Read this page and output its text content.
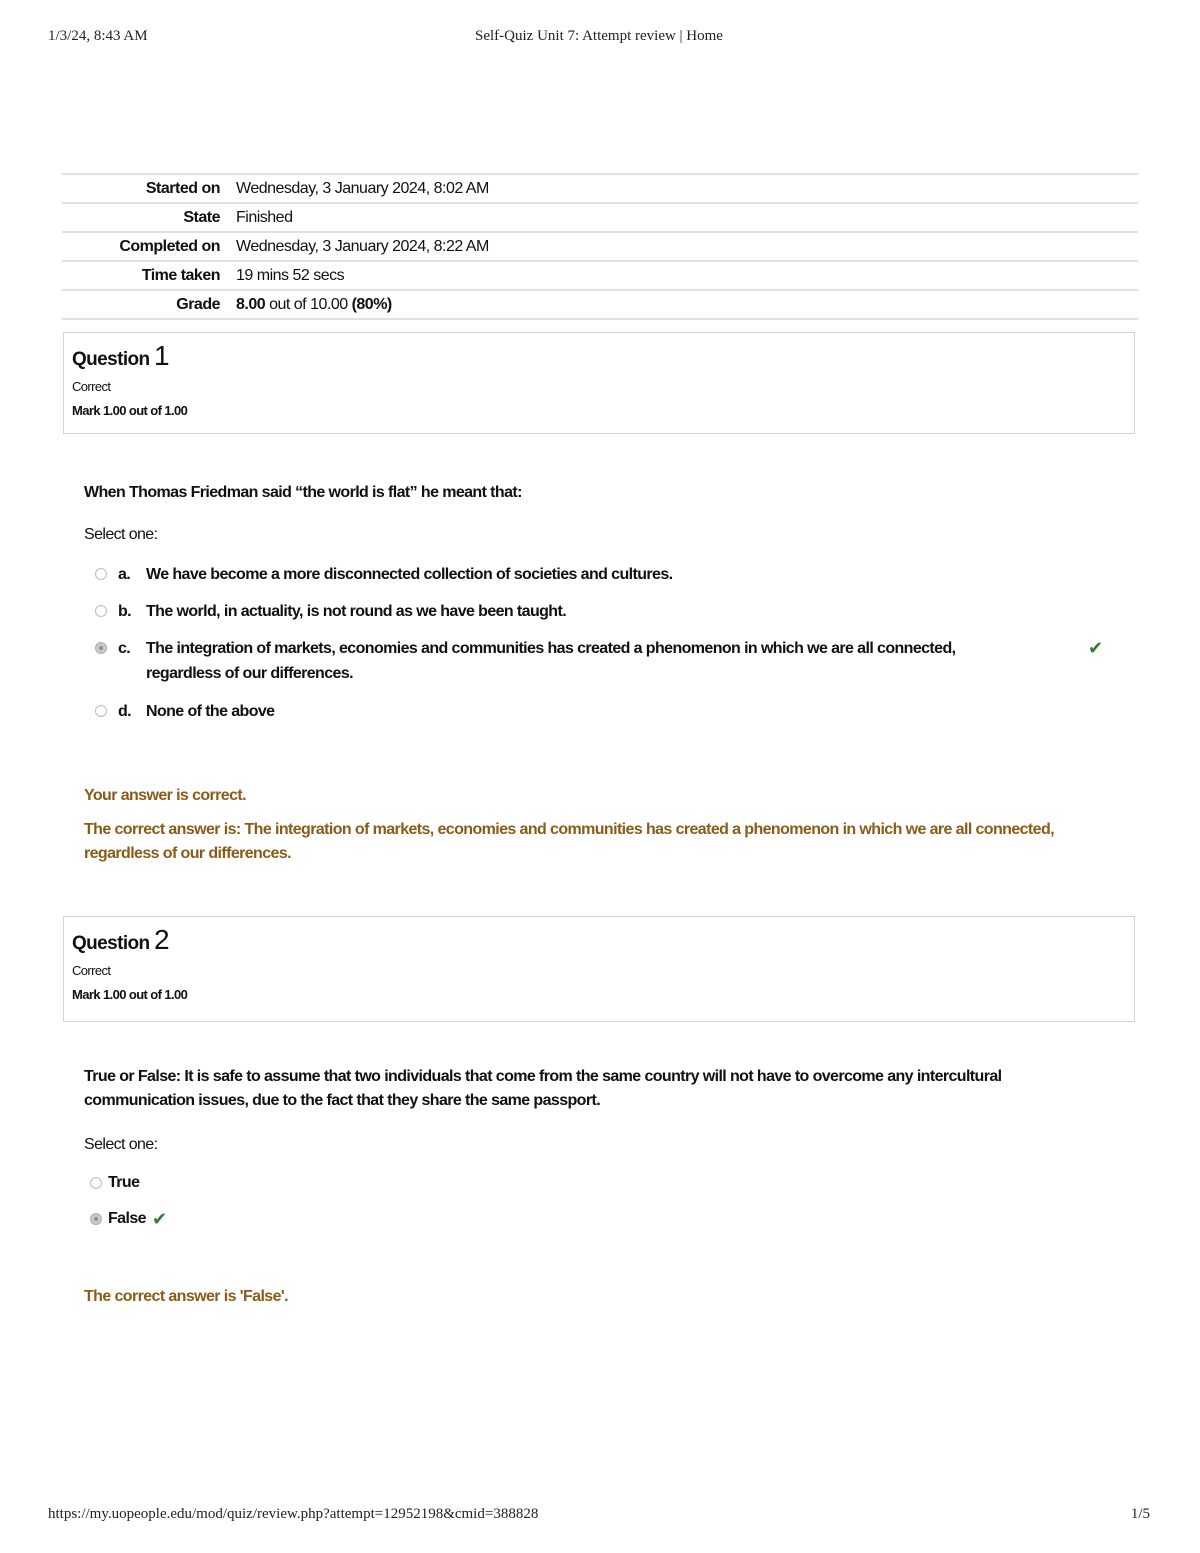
1/3/24, 8:43 AM	Self-Quiz Unit 7: Attempt review | Home
Started on	Wednesday, 3 January 2024, 8:02 AM
State	Finished
Completed on	Wednesday, 3 January 2024, 8:22 AM
Time taken	19 mins 52 secs
Grade	8.00 out of 10.00 (80%)
Question 1
Correct
Mark 1.00 out of 1.00
When Thomas Friedman said “the world is flat” he meant that:
Select one:
a. We have become a more disconnected collection of societies and cultures.
b. The world, in actuality, is not round as we have been taught.
c. The integration of markets, economies and communities has created a phenomenon in which we are all connected, regardless of our differences.
✔
d. None of the above
Your answer is correct.
The correct answer is: The integration of markets, economies and communities has created a phenomenon in which we are all connected, regardless of our differences.
Question 2
Correct
Mark 1.00 out of 1.00
True or False: It is safe to assume that two individuals that come from the same country will not have to overcome any intercultural communication issues, due to the fact that they share the same passport.
Select one:
True
False ✔
The correct answer is 'False'.
https://my.uopeople.edu/mod/quiz/review.php?attempt=12952198&cmid=388828	1/5
